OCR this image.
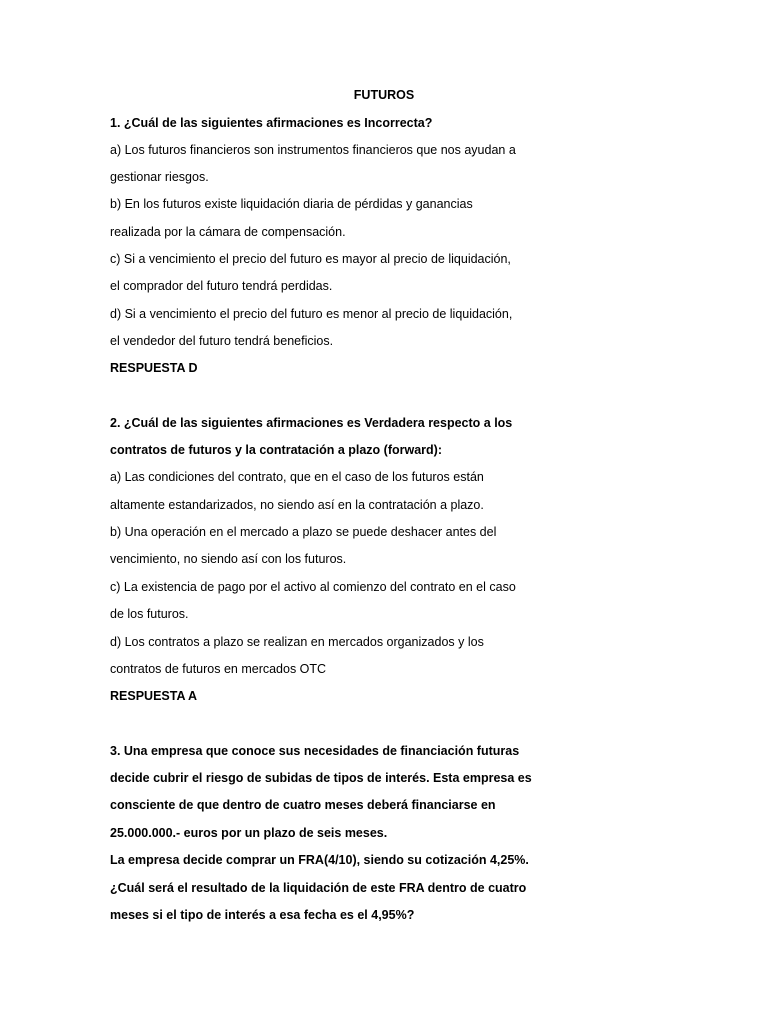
FUTUROS
1. ¿Cuál de las siguientes afirmaciones es Incorrecta?
a) Los futuros financieros son instrumentos financieros que nos ayudan a
gestionar riesgos.
b) En los futuros existe liquidación diaria de pérdidas y ganancias
realizada por la cámara de compensación.
c) Si a vencimiento el precio del futuro es mayor al precio de liquidación,
el comprador del futuro tendrá perdidas.
d) Si a vencimiento el precio del futuro es menor al precio de liquidación,
el vendedor del futuro tendrá beneficios.
RESPUESTA D
2. ¿Cuál de las siguientes afirmaciones es Verdadera respecto a los
contratos de futuros y la contratación a plazo (forward):
a) Las condiciones del contrato, que en el caso de los futuros están
altamente estandarizados, no siendo así en la contratación a plazo.
b) Una operación en el mercado a plazo se puede deshacer antes del
vencimiento, no siendo así con los futuros.
c) La existencia de pago por el activo al comienzo del contrato en el caso
de los futuros.
d) Los contratos a plazo se realizan en mercados organizados y los
contratos de futuros en mercados OTC
RESPUESTA A
3. Una empresa que conoce sus necesidades de financiación futuras
decide cubrir el riesgo de subidas de tipos de interés. Esta empresa es
consciente de que dentro de cuatro meses deberá financiarse en
25.000.000.- euros por un plazo de seis meses.
La empresa decide comprar un FRA(4/10), siendo su cotización 4,25%.
¿Cuál será el resultado de la liquidación de este FRA dentro de cuatro
meses si el tipo de interés a esa fecha es el 4,95%?
